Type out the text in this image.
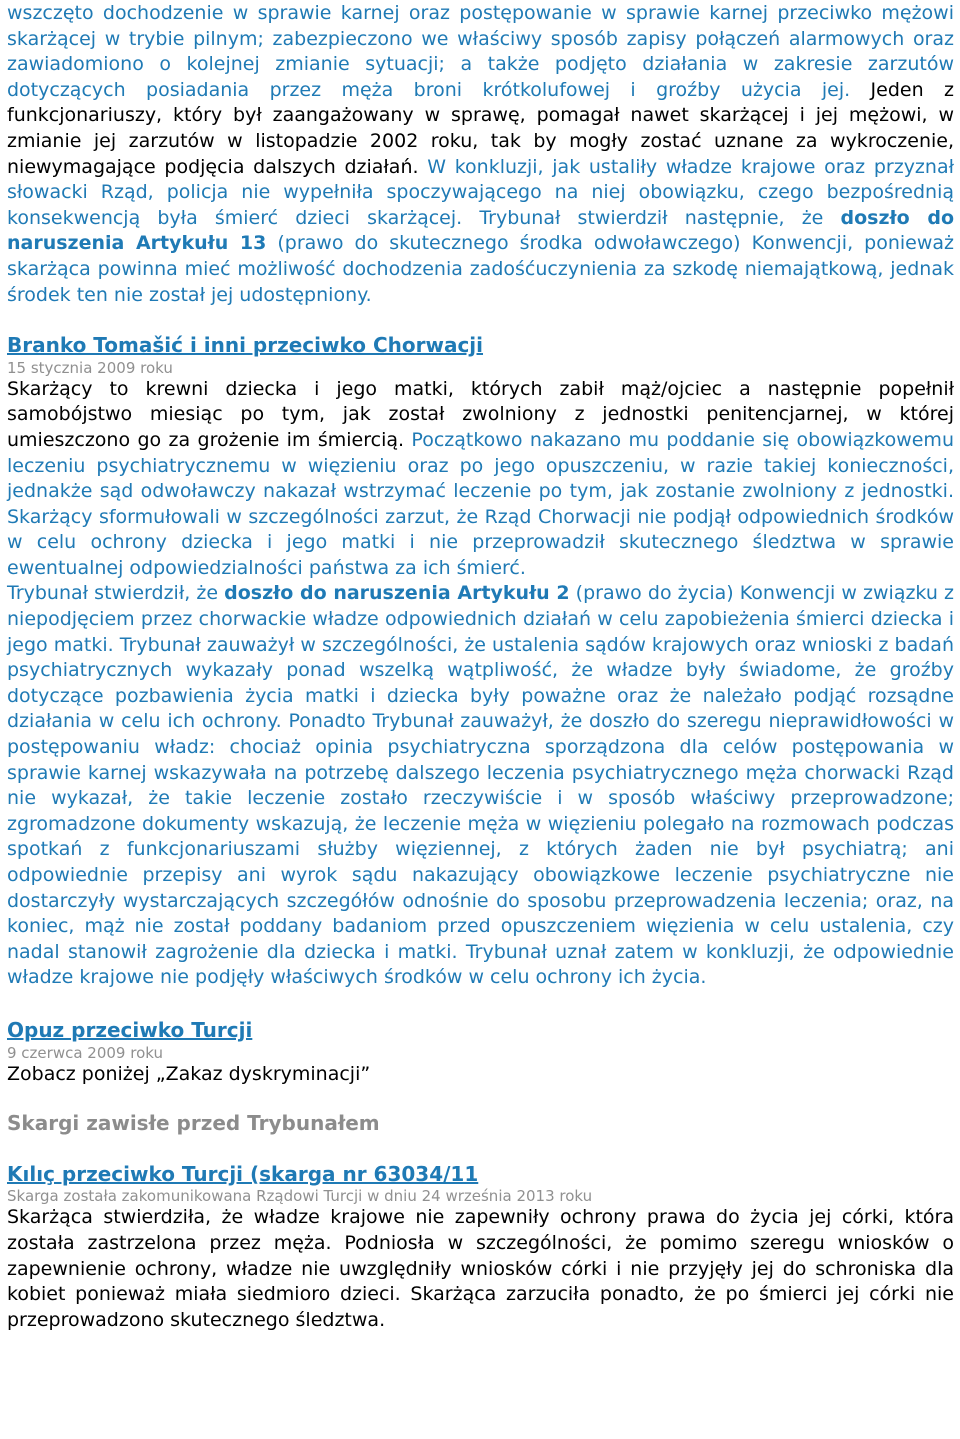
wszczęto dochodzenie w sprawie karnej oraz postępowanie w sprawie karnej przeciwko mężowi skarżącej w trybie pilnym; zabezpieczono we właściwy sposób zapisy połączeń alarmowych oraz zawiadomiono o kolejnej zmianie sytuacji; a także podjęto działania w zakresie zarzutów dotyczących posiadania przez męża broni krótkolufowej i groźby użycia jej. Jeden z funkcjonariuszy, który był zaangażowany w sprawę, pomagał nawet skarżącej i jej mężowi, w zmianie jej zarzutów w listopadzie 2002 roku, tak by mogły zostać uznane za wykroczenie, niewymagające podjęcia dalszych działań. W konkluzji, jak ustaliły władze krajowe oraz przyznał słowacki Rząd, policja nie wypełniła spoczywającego na niej obowiązku, czego bezpośrednią konsekwencją była śmierć dzieci skarżącej. Trybunał stwierdził następnie, że doszło do naruszenia Artykułu 13 (prawo do skutecznego środka odwoławczego) Konwencji, ponieważ skarżąca powinna mieć możliwość dochodzenia zadośćuczynienia za szkodę niemajątkową, jednak środek ten nie został jej udostępniony.

Branko Tomašić i inni przeciwko Chorwacji

15 stycznia 2009 roku

Skarżący to krewni dziecka i jego matki, których zabił mąż/ojciec a następnie popełnił samobójstwo miesiąc po tym, jak został zwolniony z jednostki penitencjarnej, w której umieszczono go za grożenie im śmiercią. Początkowo nakazano mu poddanie się obowiązkowemu leczeniu psychiatrycznemu w więzieniu oraz po jego opuszczeniu, w razie takiej konieczności, jednakże sąd odwoławczy nakazał wstrzymać leczenie po tym, jak zostanie zwolniony z jednostki. Skarżący sformułowali w szczególności zarzut, że Rząd Chorwacji nie podjął odpowiednich środków w celu ochrony dziecka i jego matki i nie przeprowadził skutecznego śledztwa w sprawie ewentualnej odpowiedzialności państwa za ich śmierć.

Trybunał stwierdził, że doszło do naruszenia Artykułu 2 (prawo do życia) Konwencji w związku z niepodjęciem przez chorwackie władze odpowiednich działań w celu zapobieżenia śmierci dziecka i jego matki. Trybunał zauważył w szczególności, że ustalenia sądów krajowych oraz wnioski z badań psychiatrycznych wykazały ponad wszelką wątpliwość, że władze były świadome, że groźby dotyczące pozbawienia życia matki i dziecka były poważne oraz że należało podjąć rozsądne działania w celu ich ochrony. Ponadto Trybunał zauważył, że doszło do szeregu nieprawidłowości w postępowaniu władz: chociaż opinia psychiatryczna sporządzona dla celów postępowania w sprawie karnej wskazywała na potrzebę dalszego leczenia psychiatrycznego męża chorwacki Rząd nie wykazał, że takie leczenie zostało rzeczywiście i w sposób właściwy przeprowadzone; zgromadzone dokumenty wskazują, że leczenie męża w więzieniu polegało na rozmowach podczas spotkań z funkcjonariuszami służby więziennej, z których żaden nie był psychiatrą; ani odpowiednie przepisy ani wyrok sądu nakazujący obowiązkowe leczenie psychiatryczne nie dostarczyły wystarczających szczegółów odnośnie do sposobu przeprowadzenia leczenia; oraz, na koniec, mąż nie został poddany badaniom przed opuszczeniem więzienia w celu ustalenia, czy nadal stanowił zagrożenie dla dziecka i matki. Trybunał uznał zatem w konkluzji, że odpowiednie władze krajowe nie podjęły właściwych środków w celu ochrony ich życia.

Opuz przeciwko Turcji

9 czerwca 2009 roku

Zobacz poniżej „Zakaz dyskryminacji”

Skargi zawisłe przed Trybunałem

Kılıç przeciwko Turcji (skarga nr 63034/11

Skarga została zakomunikowana Rządowi Turcji w dniu 24 września 2013 roku

Skarżąca stwierdziła, że władze krajowe nie zapewniły ochrony prawa do życia jej córki, która została zastrzelona przez męża. Podniosła w szczególności, że pomimo szeregu wniosków o zapewnienie ochrony, władze nie uwzględniły wniosków córki i nie przyjęły jej do schroniska dla kobiet ponieważ miała siedmioro dzieci. Skarżąca zarzuciła ponadto, że po śmierci jej córki nie przeprowadzono skutecznego śledztwa.
